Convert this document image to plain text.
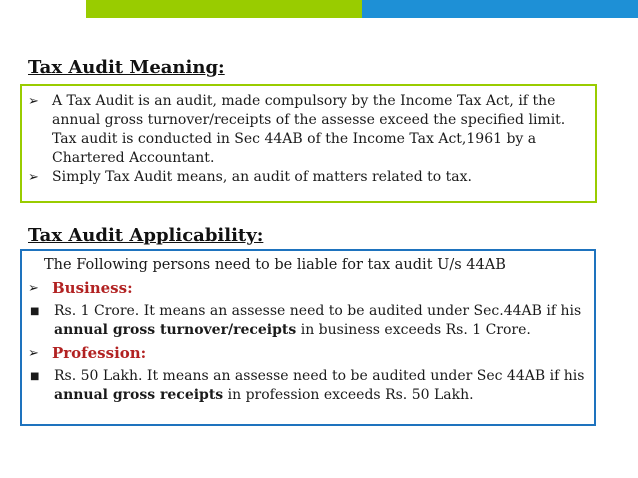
Tax Audit Meaning:
➢ A Tax Audit is an audit, made compulsory by the Income Tax Act, if the annual gross turnover/receipts of the assesse exceed the specified limit. Tax audit is conducted in Sec 44AB of the Income Tax Act,1961 by a Chartered Accountant.
➢ Simply Tax Audit means, an audit of matters related to tax.
Tax Audit Applicability:
The Following persons need to be liable for tax audit U/s 44AB
➢ Business:
■	Rs. 1 Crore. It means an assesse need to be audited under Sec.44AB if his annual gross turnover/receipts in business exceeds Rs. 1 Crore.
➢ Profession:
■	Rs. 50 Lakh. It means an assesse need to be audited under Sec 44AB if his annual gross receipts in profession exceeds Rs. 50 Lakh.
